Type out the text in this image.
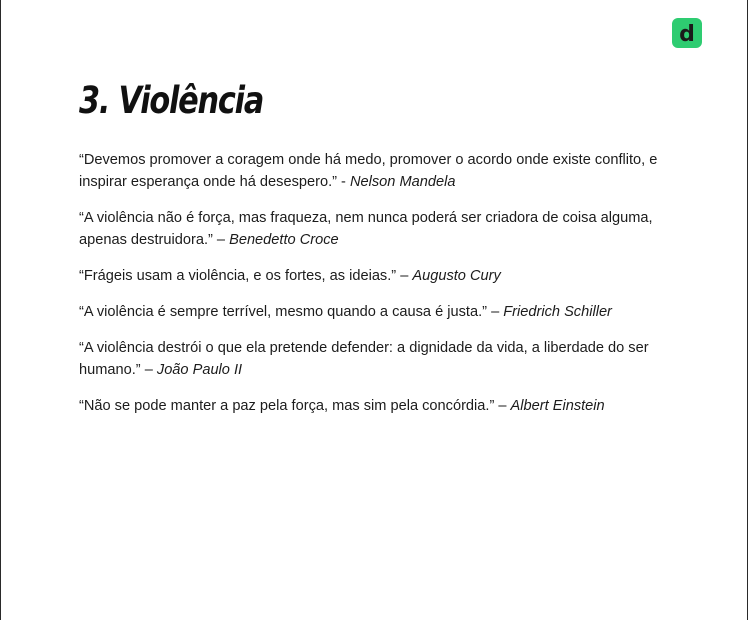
d
3. Violência
“Devemos promover a coragem onde há medo, promover o acordo onde existe conflito, e inspirar esperança onde há desespero.” - Nelson Mandela
“A violência não é força, mas fraqueza, nem nunca poderá ser criadora de coisa alguma, apenas destruidora.” – Benedetto Croce
“Frágeis usam a violência, e os fortes, as ideias.” – Augusto Cury
“A violência é sempre terrível, mesmo quando a causa é justa.” – Friedrich Schiller
“A violência destrói o que ela pretende defender: a dignidade da vida, a liberdade do ser humano.” – João Paulo II
“Não se pode manter a paz pela força, mas sim pela concórdia.” – Albert Einstein
